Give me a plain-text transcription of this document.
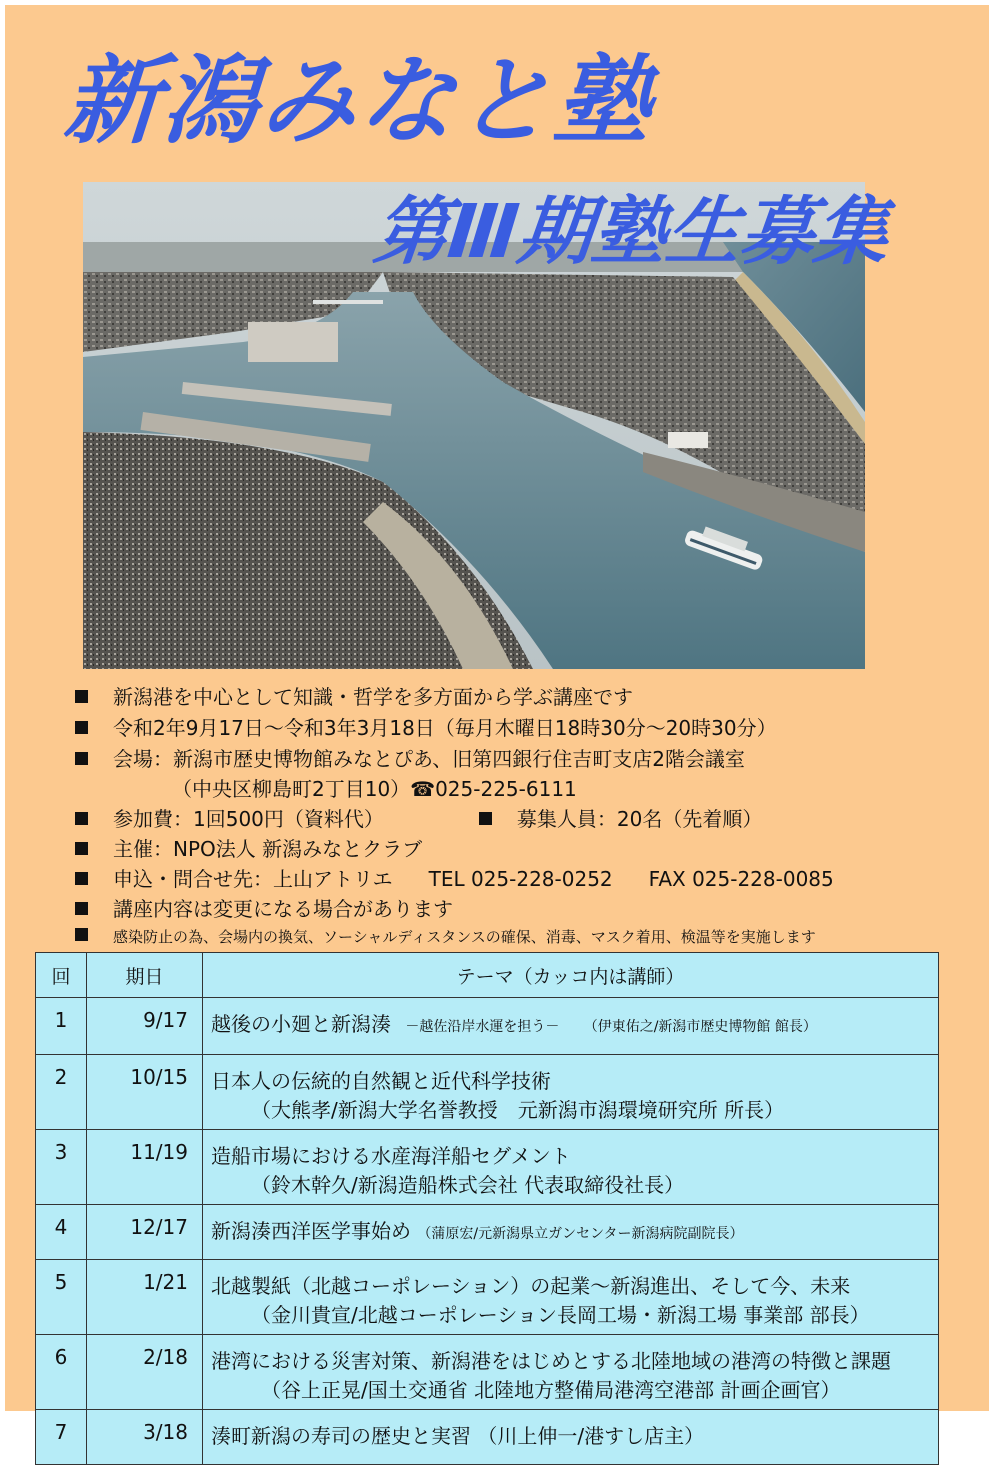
新潟みなと塾
第Ⅲ期塾生募集
新潟港を中心として知識・哲学を多方面から学ぶ講座です
令和2年9月17日～令和3年3月18日（毎月木曜日18時30分～20時30分）
会場：新潟市歴史博物館みなとぴあ、旧第四銀行住吉町支店2階会議室
（中央区柳島町2丁目10）☎025-225-6111
参加費：1回500円（資料代）	募集人員：20名（先着順）
主催：NPO法人 新潟みなとクラブ
申込・問合せ先：上山アトリエ TEL 025-228-0252 FAX 025-228-0085
講座内容は変更になる場合があります
感染防止の為、会場内の換気、ソーシャルディスタンスの確保、消毒、マスク着用、検温等を実施します
回	期日	テーマ（カッコ内は講師）
1	9/17	越後の小廻と新潟湊 －越佐沿岸水運を担う－ （伊東佑之/新潟市歴史博物館 館長）
2	10/15	日本人の伝統的自然観と近代科学技術
（大熊孝/新潟大学名誉教授　元新潟市潟環境研究所 所長）

3	11/19	造船市場における水産海洋船セグメント
（鈴木幹久/新潟造船株式会社 代表取締役社長）

4	12/17	新潟湊西洋医学事始め （蒲原宏/元新潟県立ガンセンター新潟病院副院長）
5	1/21	北越製紙（北越コーポレーション）の起業～新潟進出、そして今、未来
（金川貴宣/北越コーポレーション長岡工場・新潟工場 事業部 部長）

6	2/18	港湾における災害対策、新潟港をはじめとする北陸地域の港湾の特徴と課題
（谷上正晃/国土交通省 北陸地方整備局港湾空港部 計画企画官）

7	3/18	湊町新潟の寿司の歴史と実習 （川上伸一/港すし店主）
